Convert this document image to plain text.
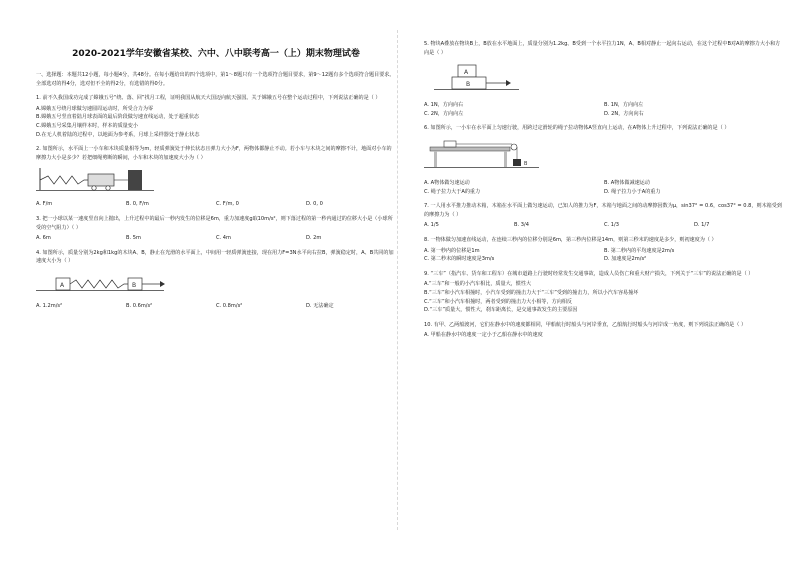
2020-2021学年安徽省某校、六中、八中联考高一（上）期末物理试卷

一、选择题：本题共12小题，每小题4分，共48分。在每小题给出的四个选项中，第1～8题只有一个选项符合题目要求，第9～12题有多个选项符合题目要求。全部选对的得4分，选对但不全的得2分，有选错的得0分。

1. 前不久我国成功完成了嫦娥五号“绕、落、回”找月工程，证明我国从航天大国迈向航天强国。关于嫦娥五号在整个运动过程中，下列说法正确的是（ ）
A.嫦娥五号绕月球做匀速圆周运动时，所受合力为零
B.嫦娥五号竖直着陆月球表面的最后阶段做匀速直线运动，处于超重状态
C.嫦娥五号采集月壤样本时，样本的质量变小
D.在无人机着陆的过程中，以地面为参考系，月球上采样器处于静止状态
2. 如图所示，水平面上一小车和木块质量相等为m，轻质弹簧处于伸长状态且弹力大小为F，两物体都静止不动。若小车与木块之间的摩擦不计，地面对小车的摩擦力大小是多少？若把细绳剪断的瞬间，小车和木块的加速度大小为（ ）
A. F/m	B. 0, F/m	C. F/m, 0	D. 0, 0
3. 把一小球以某一速度竖直向上抛出，上升过程中的最后一秒内发生的位移是6m，重力加速度g取10m/s²，则下落过程的第一秒内通过的位移大小是（小球所受的空气阻力）（ ）
A. 6m	B. 5m	C. 4m	D. 2m
4. 如图所示，质量分别为2kg和1kg的木块A、B，静止在光滑的水平面上，中间用一轻质弹簧连接，现在用力F=3N水平向右拉B，弹簧稳定时，A、B共同的加速度大小为（ ）
A	B
A. 1.2m/s²	B. 0.6m/s²	C. 0.8m/s²	D. 无法确定
5. 物块A叠放在物块B上，B放在水平地面上，质量分别为1.2kg、B受到一个水平拉力1N，A、B相对静止一起向右运动，在这个过程中B对A的摩擦力大小和方向是（ ）
A
B
A. 1N，方向向右	B. 1N，方向向左
C. 2N，方向向左	D. 2N，方向向右
6. 如图所示，一小车在水平面上匀速行驶，用跨过定滑轮的绳子拉动物体A竖直向上运动，在A物体上升过程中，下列说法正确的是（ ）
B
A. A物体做匀速运动	B. A物体做减速运动
C. 绳子拉力大于A的重力	D. 绳子拉力小于A的重力
7. 一人用水平推力推动木箱，木箱在水平面上做匀速运动，已知人的推力为F，木箱与地面之间的动摩擦因数为μ，sin37° = 0.6，cos37° = 0.8，则木箱受到的摩擦力为（ ）
A. 1/5	B. 3/4	C. 1/3	D. 1/7
8. 一物体做匀加速直线运动，在连续三秒内的位移分别是6m，第三秒内位移是14m，则第三秒末的速度是多少，则初速度为（ ）
A. 第一秒内的位移是1m	B. 第二秒内的平均速度是2m/s
C. 第二秒末的瞬时速度是3m/s	D. 加速度是2m/s²
9. “三车”（指汽车、货车和工程车）在城市道路上行驶时经常发生交通事故，造成人员伤亡和重大财产损失，下列关于“三车”的说法正确的是（ ）
A.“三车”和一般的小汽车相比，质量大，惯性大
B.“三车”和小汽车相撞时，小汽车受到的撞击力大于“三车”受到的撞击力，所以小汽车容易撞坏
C.“三车”和小汽车相撞时，两者受到的撞击力大小相等，方向相反
D.“三车”质量大，惯性大，刹车距离长，是交通事故发生的主要原因
10. 有甲、乙两船渡河，它们在静水中的速度都相同，甲船航行时船头与河岸垂直，乙船航行时船头与河岸成一角度，则下列说法正确的是（ ）
A. 甲船在静水中的速度一定小于乙船在静水中的速度
